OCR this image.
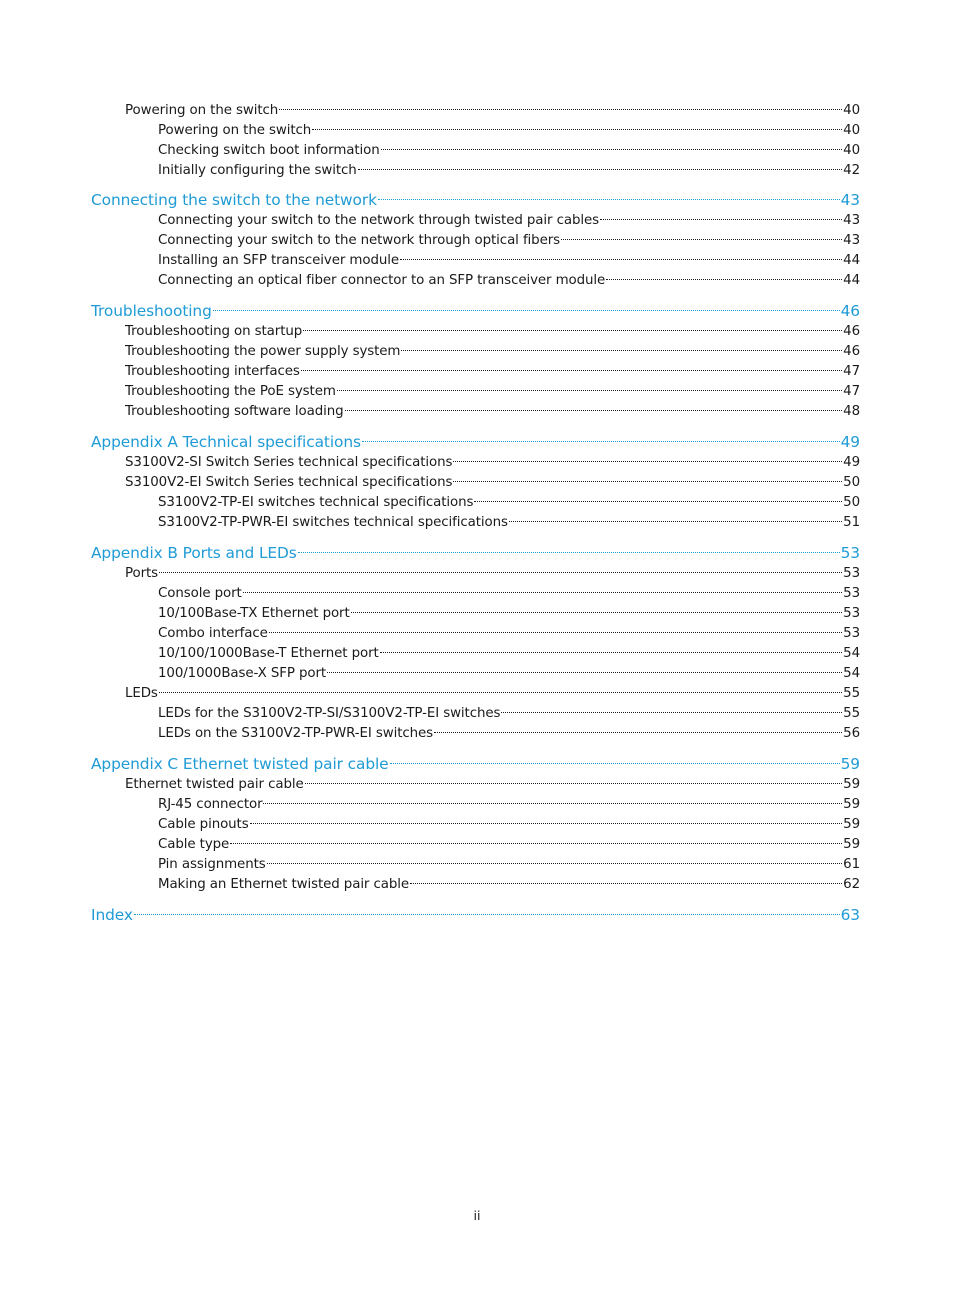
Powering on the switch	40
Powering on the switch	40
Checking switch boot information	40
Initially configuring the switch	42
Connecting the switch to the network	43
Connecting your switch to the network through twisted pair cables	43
Connecting your switch to the network through optical fibers	43
Installing an SFP transceiver module	44
Connecting an optical fiber connector to an SFP transceiver module	44
Troubleshooting	46
Troubleshooting on startup	46
Troubleshooting the power supply system	46
Troubleshooting interfaces	47
Troubleshooting the PoE system	47
Troubleshooting software loading	48
Appendix A Technical specifications	49
S3100V2-SI Switch Series technical specifications	49
S3100V2-EI Switch Series technical specifications	50
S3100V2-TP-EI switches technical specifications	50
S3100V2-TP-PWR-EI switches technical specifications	51
Appendix B Ports and LEDs	53
Ports	53
Console port	53
10/100Base-TX Ethernet port	53
Combo interface	53
10/100/1000Base-T Ethernet port	54
100/1000Base-X SFP port	54
LEDs	55
LEDs for the S3100V2-TP-SI/S3100V2-TP-EI switches	55
LEDs on the S3100V2-TP-PWR-EI switches	56
Appendix C Ethernet twisted pair cable	59
Ethernet twisted pair cable	59
RJ-45 connector	59
Cable pinouts	59
Cable type	59
Pin assignments	61
Making an Ethernet twisted pair cable	62
Index	63
ii
